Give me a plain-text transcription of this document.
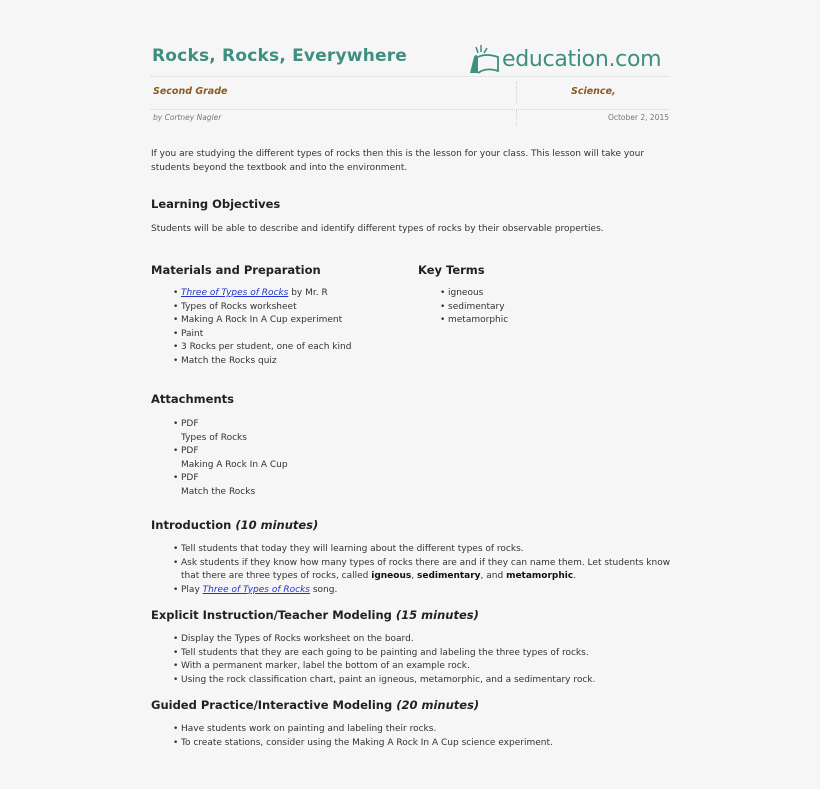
Rocks, Rocks, Everywhere	education.com
Second Grade	Science,
by Cortney Nagler	October 2, 2015

If you are studying the different types of rocks then this is the lesson for your class. This lesson will take your students beyond the textbook and into the environment.

Learning Objectives

Students will be able to describe and identify different types of rocks by their observable properties.

Materials and Preparation
• Three of Types of Rocks by Mr. R
• Types of Rocks worksheet
• Making A Rock In A Cup experiment
• Paint
• 3 Rocks per student, one of each kind
• Match the Rocks quiz
Key Terms
• igneous
• sedimentary
• metamorphic
Attachments
• PDF
Types of Rocks
• PDF
Making A Rock In A Cup
• PDF
Match the Rocks
Introduction (10 minutes)
• Tell students that today they will learning about the different types of rocks.
• Ask students if they know how many types of rocks there are and if they can name them. Let students know that there are three types of rocks, called igneous, sedimentary, and metamorphic.
• Play Three of Types of Rocks song.
Explicit Instruction/Teacher Modeling (15 minutes)
• Display the Types of Rocks worksheet on the board.
• Tell students that they are each going to be painting and labeling the three types of rocks.
• With a permanent marker, label the bottom of an example rock.
• Using the rock classification chart, paint an igneous, metamorphic, and a sedimentary rock.
Guided Practice/Interactive Modeling (20 minutes)
• Have students work on painting and labeling their rocks.
• To create stations, consider using the Making A Rock In A Cup science experiment.
